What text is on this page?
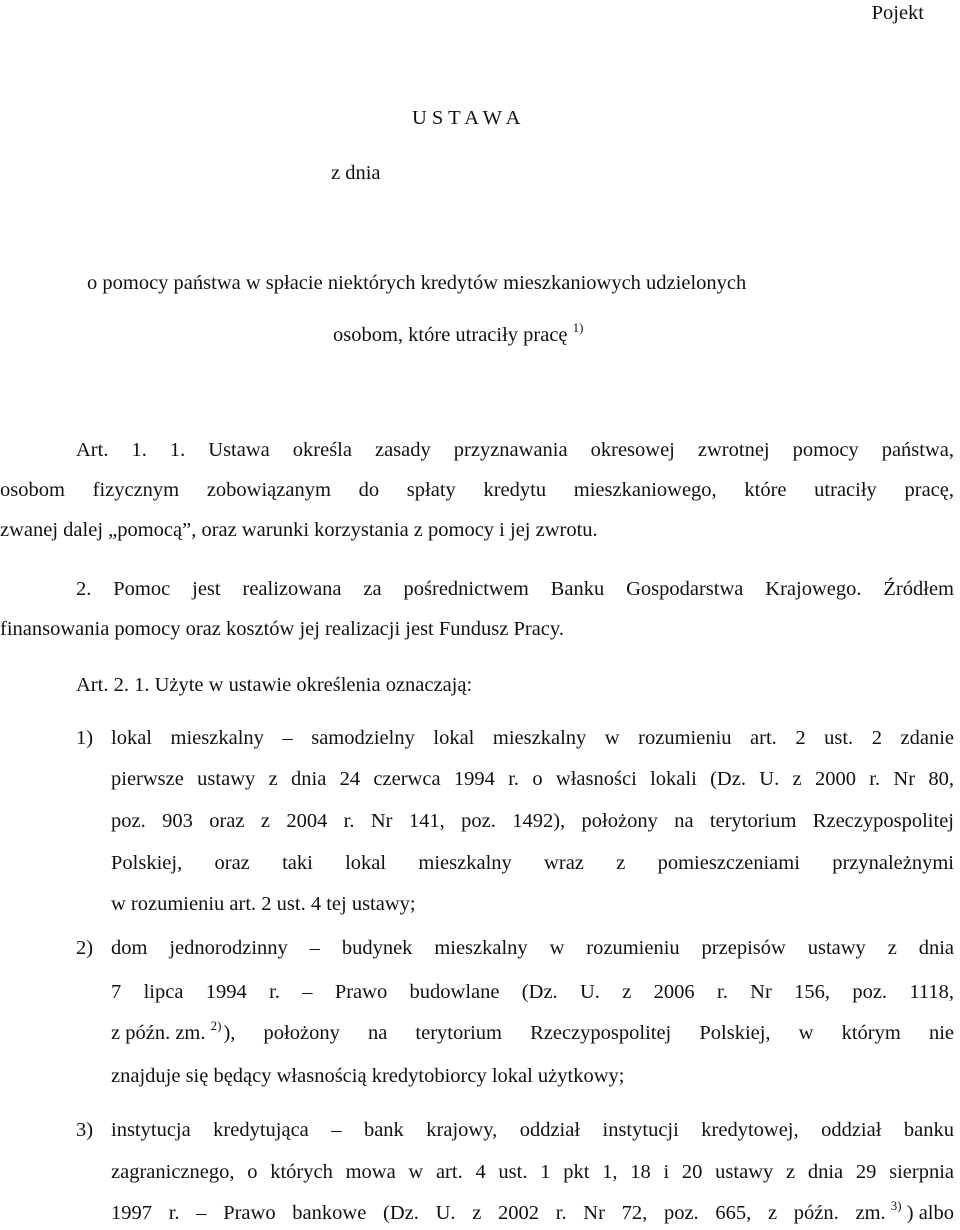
Pojekt
U S T A W A
z dnia
o pomocy państwa w spłacie niektórych kredytów mieszkaniowych udzielonych
osobom, które utraciły pracę $^{1)}$
Art. 1. 1. Ustawa określa zasady przyznawania okresowej zwrotnej pomocy państwa,
osobom fizycznym zobowiązanym do spłaty kredytu mieszkaniowego, które utraciły pracę,
zwanej dalej „pomocą”, oraz warunki korzystania z pomocy i jej zwrotu.
2. Pomoc jest realizowana za pośrednictwem Banku Gospodarstwa Krajowego. Źródłem
finansowania pomocy oraz kosztów jej realizacji jest Fundusz Pracy.
Art. 2. 1. Użyte w ustawie określenia oznaczają:
1) lokal mieszkalny – samodzielny lokal mieszkalny w rozumieniu art. 2 ust. 2 zdanie
pierwsze ustawy z dnia 24 czerwca 1994 r. o własności lokali (Dz. U. z 2000 r. Nr 80,
poz. 903 oraz z 2004 r. Nr 141, poz. 1492), położony na terytorium Rzeczypospolitej
Polskiej, oraz taki lokal mieszkalny wraz z pomieszczeniami przynależnymi
w rozumieniu art. 2 ust. 4 tej ustawy;
2) dom jednorodzinny – budynek mieszkalny w rozumieniu przepisów ustawy z dnia
7 lipca 1994 r. – Prawo budowlane (Dz. U. z 2006 r. Nr 156, poz. 1118,
z późn. zm. $^{2)}$ ), położony na terytorium Rzeczypospolitej Polskiej, w którym nie
znajduje się będący własnością kredytobiorcy lokal użytkowy;
3) instytucja kredytująca – bank krajowy, oddział instytucji kredytowej, oddział banku
zagranicznego, o których mowa w art. 4 ust. 1 pkt 1, 18 i 20 ustawy z dnia 29 sierpnia
1997 r. – Prawo bankowe (Dz. U. z 2002 r. Nr 72, poz. 665, z późn. zm. $^{3)}$ ) albo
